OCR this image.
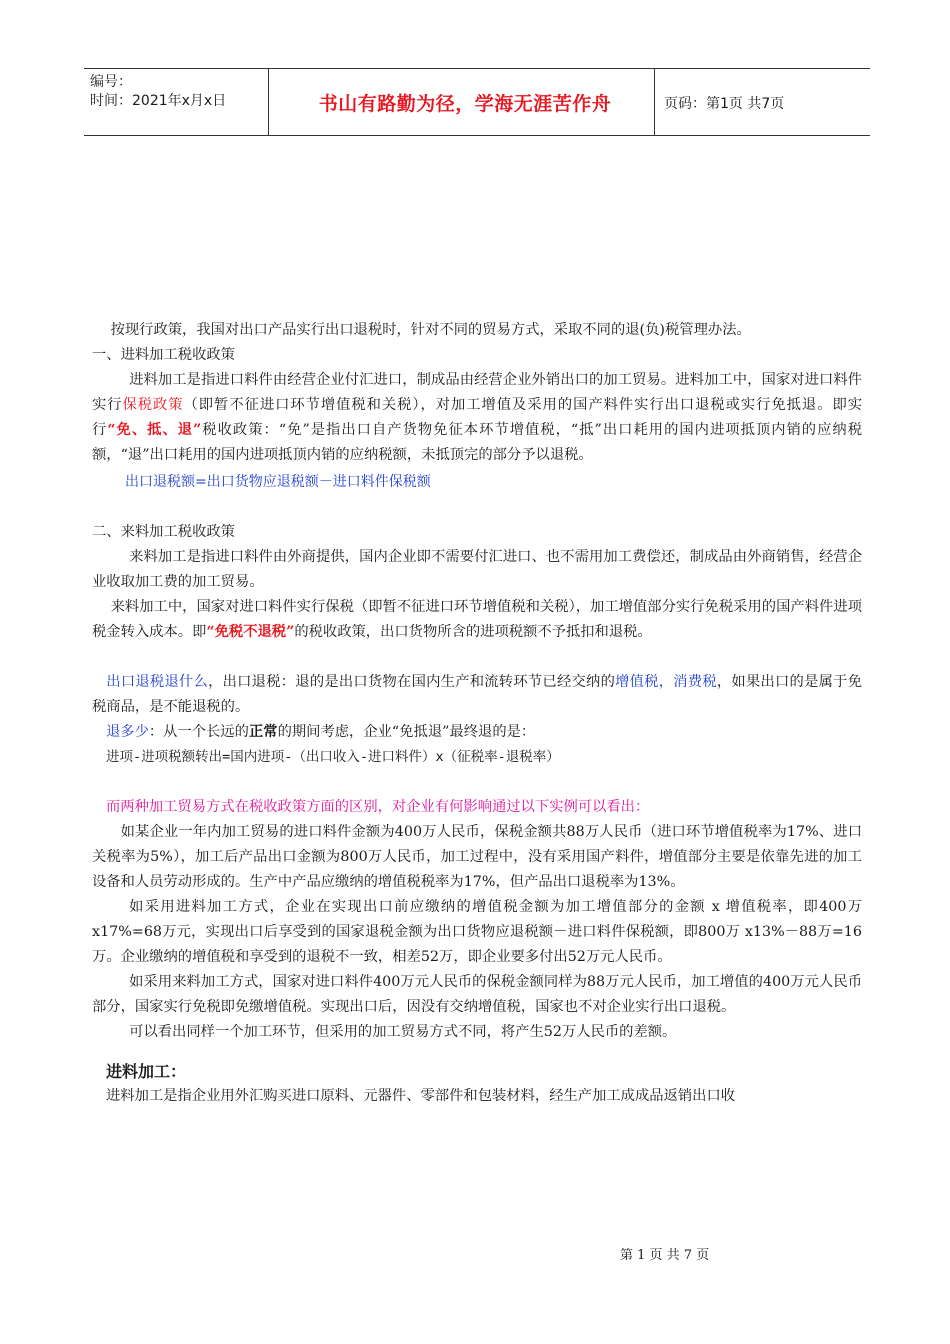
编号：
时间：2021年x月x日	书山有路勤为径，学海无涯苦作舟	页码：第1页 共7页

按现行政策，我国对出口产品实行出口退税时，针对不同的贸易方式，采取不同的退(负)税管理办法。

一、进料加工税收政策

进料加工是指进口料件由经营企业付汇进口，制成品由经营企业外销出口的加工贸易。进料加工中，国家对进口料件实行保税政策（即暂不征进口环节增值税和关税），对加工增值及采用的国产料件实行出口退税或实行免抵退。即实行“免、抵、退”税收政策：“免”是指出口自产货物免征本环节增值税，“抵”出口耗用的国内进项抵顶内销的应纳税额，“退”出口耗用的国内进项抵顶内销的应纳税额，未抵顶完的部分予以退税。

出口退税额=出口货物应退税额－进口料件保税额

二、来料加工税收政策

来料加工是指进口料件由外商提供，国内企业即不需要付汇进口、也不需用加工费偿还，制成品由外商销售，经营企业收取加工费的加工贸易。

来料加工中，国家对进口料件实行保税（即暂不征进口环节增值税和关税），加工增值部分实行免税采用的国产料件进项税金转入成本。即“免税不退税”的税收政策，出口货物所含的进项税额不予抵扣和退税。

出口退税退什么，出口退税：退的是出口货物在国内生产和流转环节已经交纳的增值税，消费税，如果出口的是属于免税商品，是不能退税的。

退多少：从一个长远的正常的期间考虑，企业“免抵退”最终退的是：

进项-进项税额转出=国内进项-（出口收入-进口料件）x（征税率-退税率）

而两种加工贸易方式在税收政策方面的区别，对企业有何影响通过以下实例可以看出：

如某企业一年内加工贸易的进口料件金额为400万人民币，保税金额共88万人民币（进口环节增值税率为17%、进口关税率为5%），加工后产品出口金额为800万人民币，加工过程中，没有采用国产料件，增值部分主要是依靠先进的加工设备和人员劳动形成的。生产中产品应缴纳的增值税税率为17%，但产品出口退税率为13%。

如采用进料加工方式，企业在实现出口前应缴纳的增值税金额为加工增值部分的金额 x 增值税率，即400万 x17%=68万元，实现出口后享受到的国家退税金额为出口货物应退税额－进口料件保税额，即800万 x13%－88万=16万。企业缴纳的增值税和享受到的退税不一致，相差52万，即企业要多付出52万元人民币。

如采用来料加工方式，国家对进口料件400万元人民币的保税金额同样为88万元人民币，加工增值的400万元人民币部分，国家实行免税即免缴增值税。实现出口后，因没有交纳增值税，国家也不对企业实行出口退税。

可以看出同样一个加工环节，但采用的加工贸易方式不同，将产生52万人民币的差额。

进料加工：

进料加工是指企业用外汇购买进口原料、元器件、零部件和包装材料，经生产加工成成品返销出口收

第 1 页 共 7 页
